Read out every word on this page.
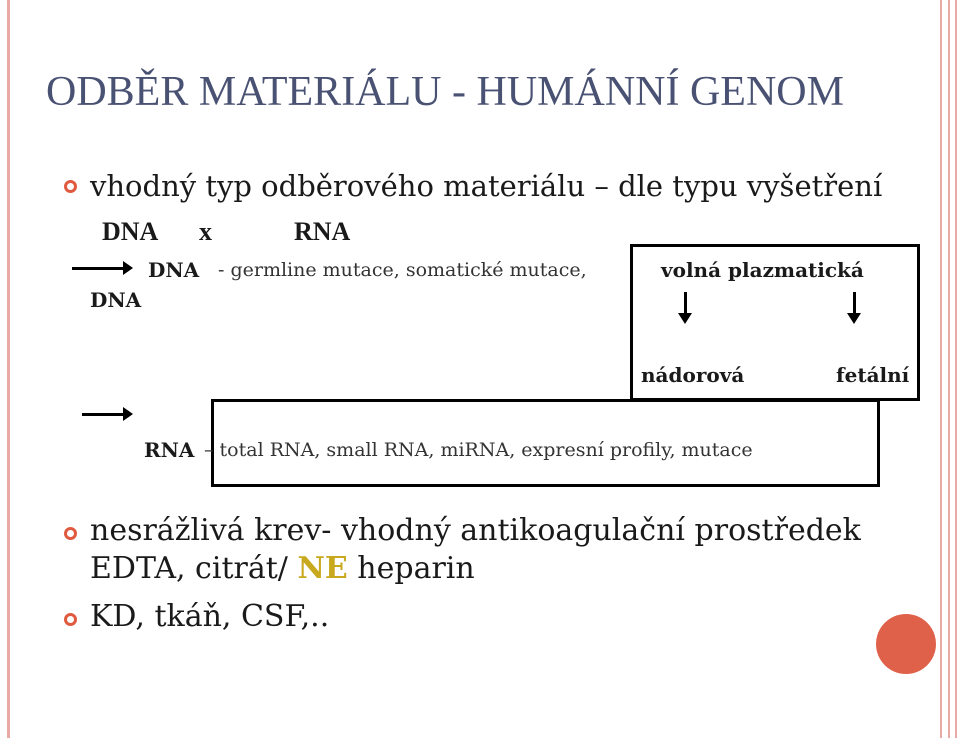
ODBĚR MATERIÁLU - HUMÁNNÍ GENOM
vhodný typ odběrového materiálu – dle typu vyšetření
DNA x	RNA
DNA - germline mutace, somatické mutace,	volná plazmatická
DNA
nádorová	fetální
RNA – total RNA, small RNA, miRNA, expresní profily, mutace
nesrážlivá krev- vhodný antikoagulační prostředek
EDTA, citrát/ NE heparin
KD, tkáň, CSF,..
